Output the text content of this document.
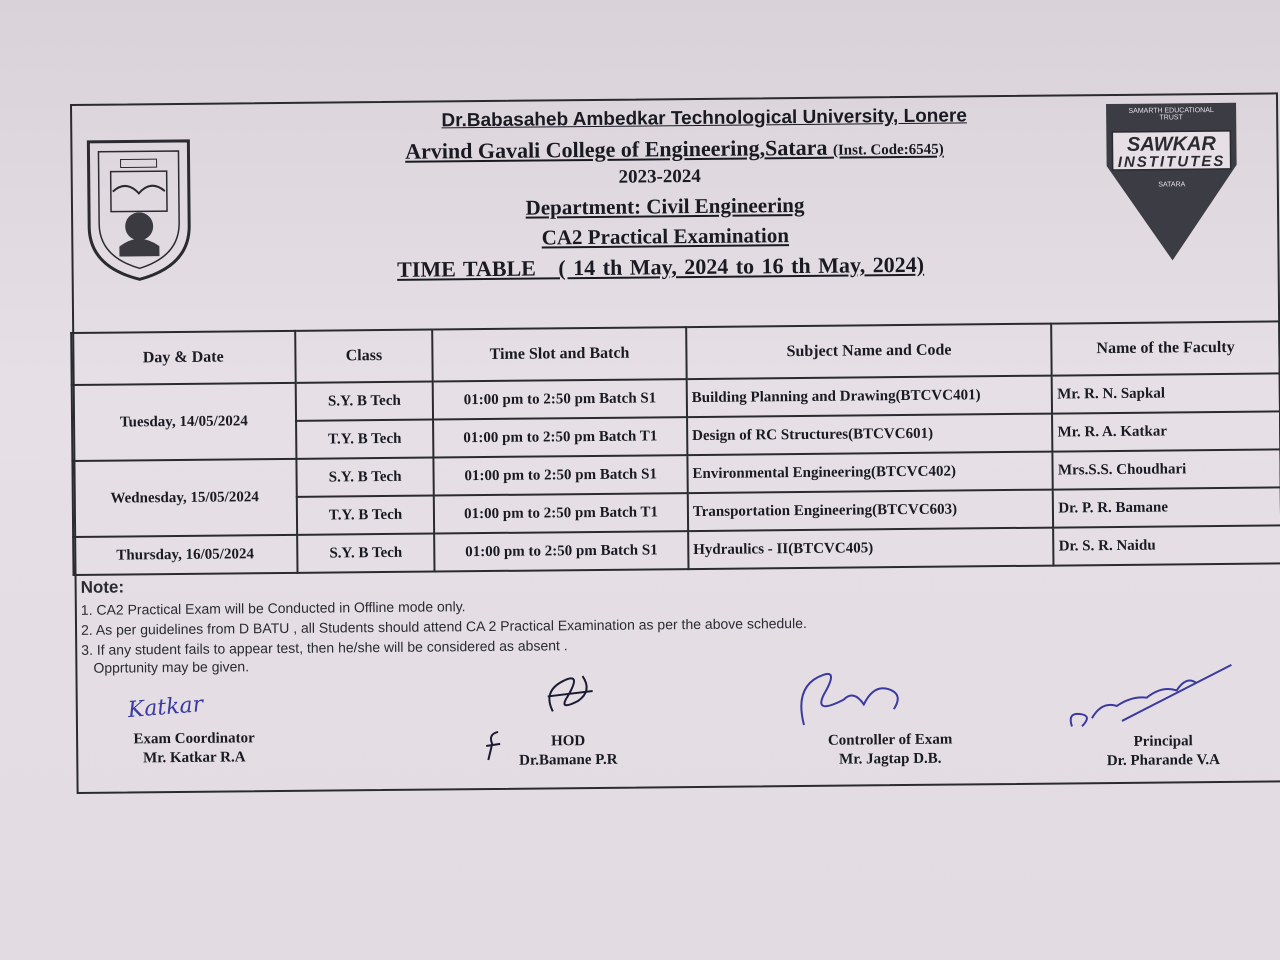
SAMARTH EDUCATIONAL TRUST
SAWKAR
INSTITUTES
SATARA
Dr.Babasaheb Ambedkar Technological University, Lonere
Arvind Gavali College of Engineering,Satara (Inst. Code:6545)
2023-2024
Department: Civil Engineering
CA2 Practical Examination
TIME TABLE   ( 14 th May, 2024 to 16 th May, 2024)
Day & Date	Class	Time Slot and Batch	Subject Name and Code	Name of the Faculty
Tuesday, 14/05/2024	S.Y. B Tech	01:00 pm to 2:50 pm Batch S1	Building Planning and Drawing(BTCVC401)	Mr. R. N. Sapkal
	T.Y. B Tech	01:00 pm to 2:50 pm Batch T1	Design of RC Structures(BTCVC601)	Mr. R. A. Katkar
Wednesday, 15/05/2024	S.Y. B Tech	01:00 pm to 2:50 pm Batch S1	Environmental Engineering(BTCVC402)	Mrs.S.S. Choudhari
	T.Y. B Tech	01:00 pm to 2:50 pm Batch T1	Transportation Engineering(BTCVC603)	Dr. P. R. Bamane
Thursday, 16/05/2024	S.Y. B Tech	01:00 pm to 2:50 pm Batch S1	Hydraulics - II(BTCVC405)	Dr. S. R. Naidu
Note:
1. CA2 Practical Exam will be Conducted in Offline mode only.
2. As per guidelines from D BATU , all Students should attend CA 2 Practical Examination as per the above schedule.
3. If any student fails to appear test, then he/she will be considered as absent .
Opprtunity may be given.
Katkar
Exam Coordinator
Mr. Katkar R.A
HOD
Dr.Bamane P.R
Controller of Exam
Mr. Jagtap D.B.
Principal
Dr. Pharande V.A
